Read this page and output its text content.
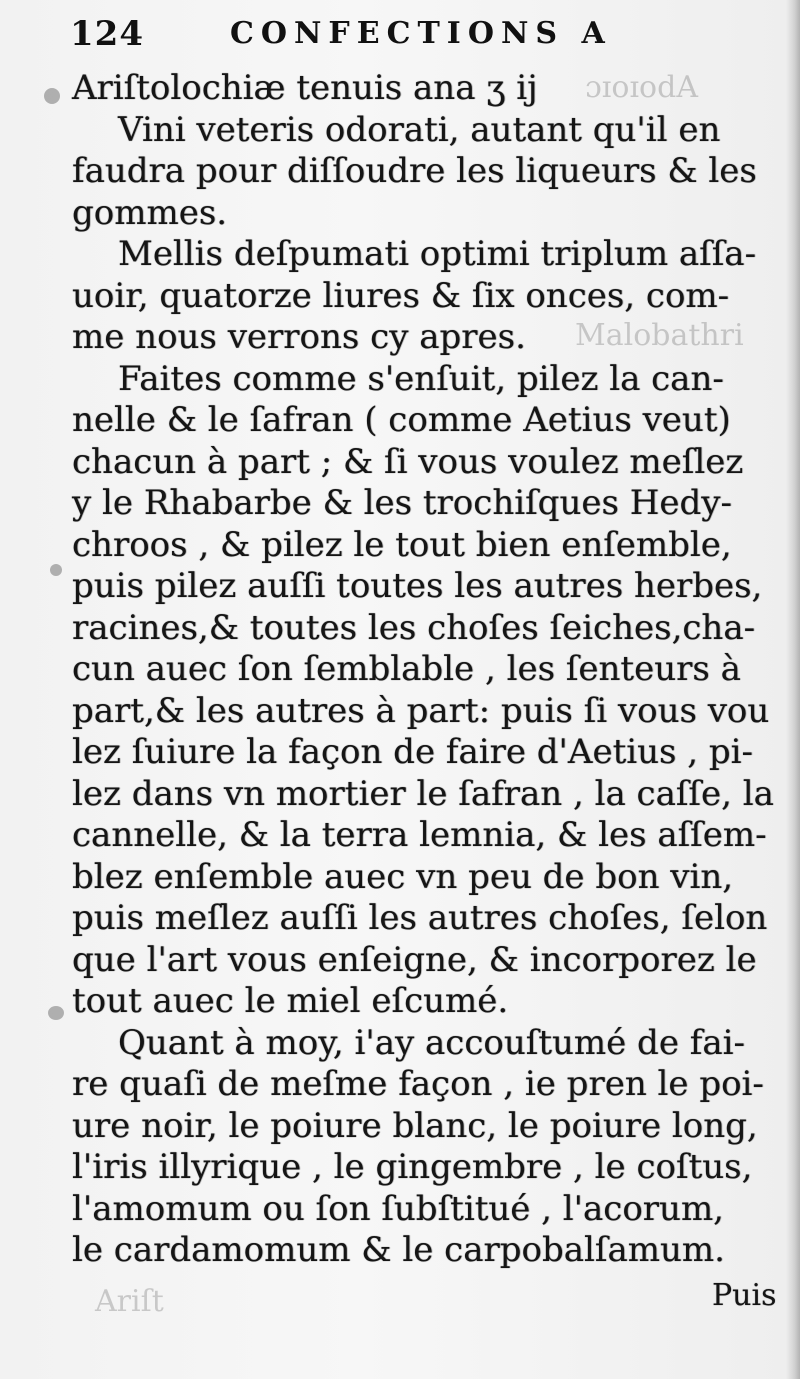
ɔɪoɪodA
Malobathri
Ariſt
124	CONFECTIONS A
Ariſtolochiæ tenuis ana ʒ ij
Vini veteris odorati, autant qu'il en
faudra pour diſſoudre les liqueurs & les
gommes.
Mellis deſpumati optimi triplum aſſa-
uoir, quatorze liures & ſix onces, com-
me nous verrons cy apres.
Faites comme s'enſuit, pilez la can-
nelle & le ſafran ( comme Aetius veut)
chacun à part ; & ſi vous voulez meſlez
y le Rhabarbe & les trochiſques Hedy-
chroos , & pilez le tout bien enſemble,
puis pilez auſſi toutes les autres herbes,
racines,& toutes les choſes ſeiches,cha-
cun auec ſon ſemblable , les ſenteurs à
part,& les autres à part: puis ſi vous vou
lez ſuiure la façon de faire d'Aetius , pi-
lez dans vn mortier le ſafran , la caſſe, la
cannelle, & la terra lemnia, & les aſſem-
blez enſemble auec vn peu de bon vin,
puis meſlez auſſi les autres choſes, ſelon
que l'art vous enſeigne, & incorporez le
tout auec le miel eſcumé.
Quant à moy, i'ay accouſtumé de fai-
re quaſi de meſme façon , ie pren le poi-
ure noir, le poiure blanc, le poiure long,
l'iris illyrique , le gingembre , le coſtus,
l'amomum ou ſon ſubſtitué , l'acorum,
le cardamomum & le carpobalſamum.
Puis
